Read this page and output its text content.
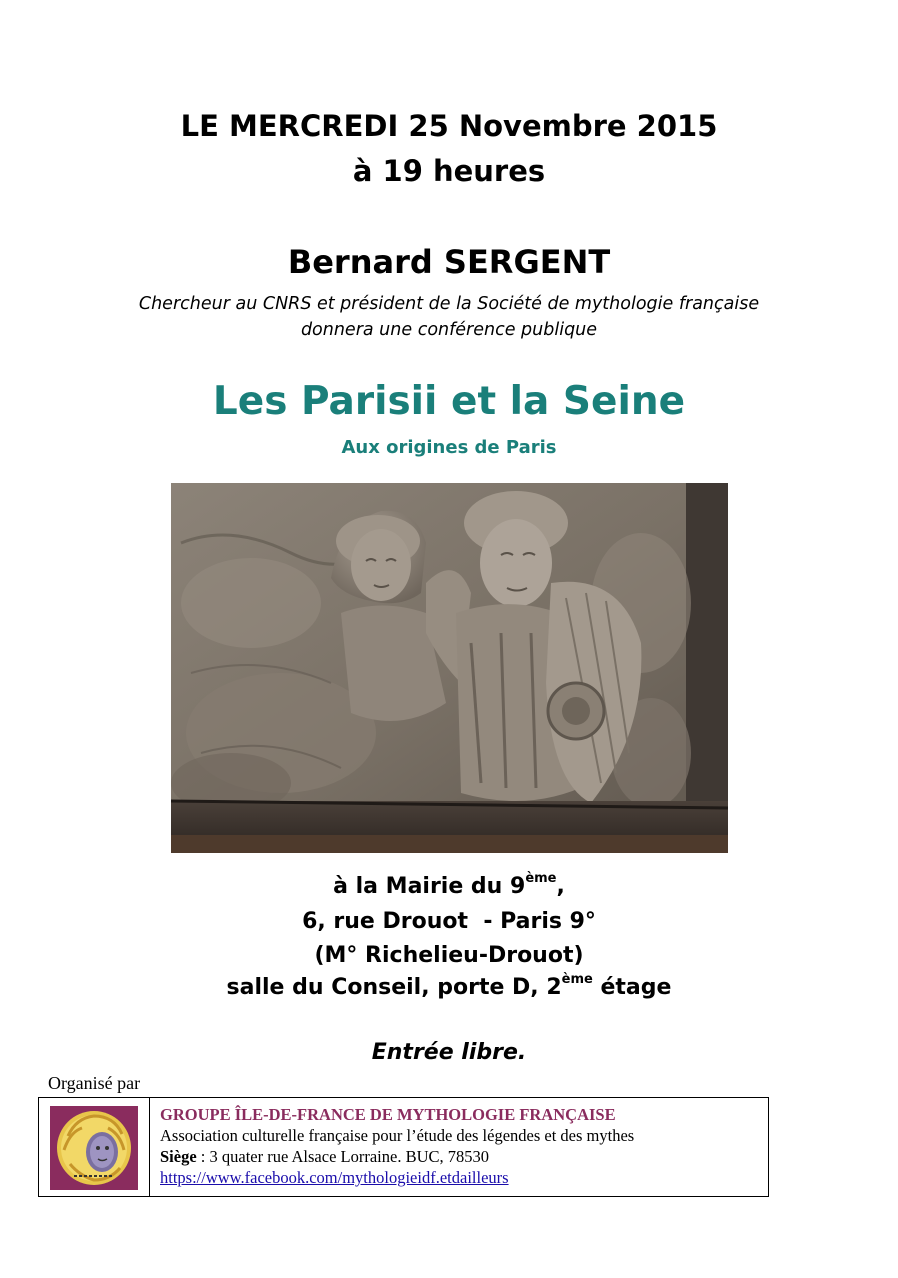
LE MERCREDI 25 Novembre 2015
à 19 heures
Bernard SERGENT
Chercheur au CNRS et président de la Société de mythologie française
donnera une conférence publique
Les Parisii et la Seine
Aux origines de Paris
à la Mairie du 9ème,
6, rue Drouot  - Paris 9°
(M° Richelieu-Drouot)
salle du Conseil, porte D, 2ème étage
Entrée libre.
Organisé par
GROUPE ÎLE-DE-FRANCE DE MYTHOLOGIE FRANÇAISE
Association culturelle française pour l’étude des légendes et des mythes
Siège : 3 quater rue Alsace Lorraine. BUC, 78530
https://www.facebook.com/mythologieidf.etdailleurs
